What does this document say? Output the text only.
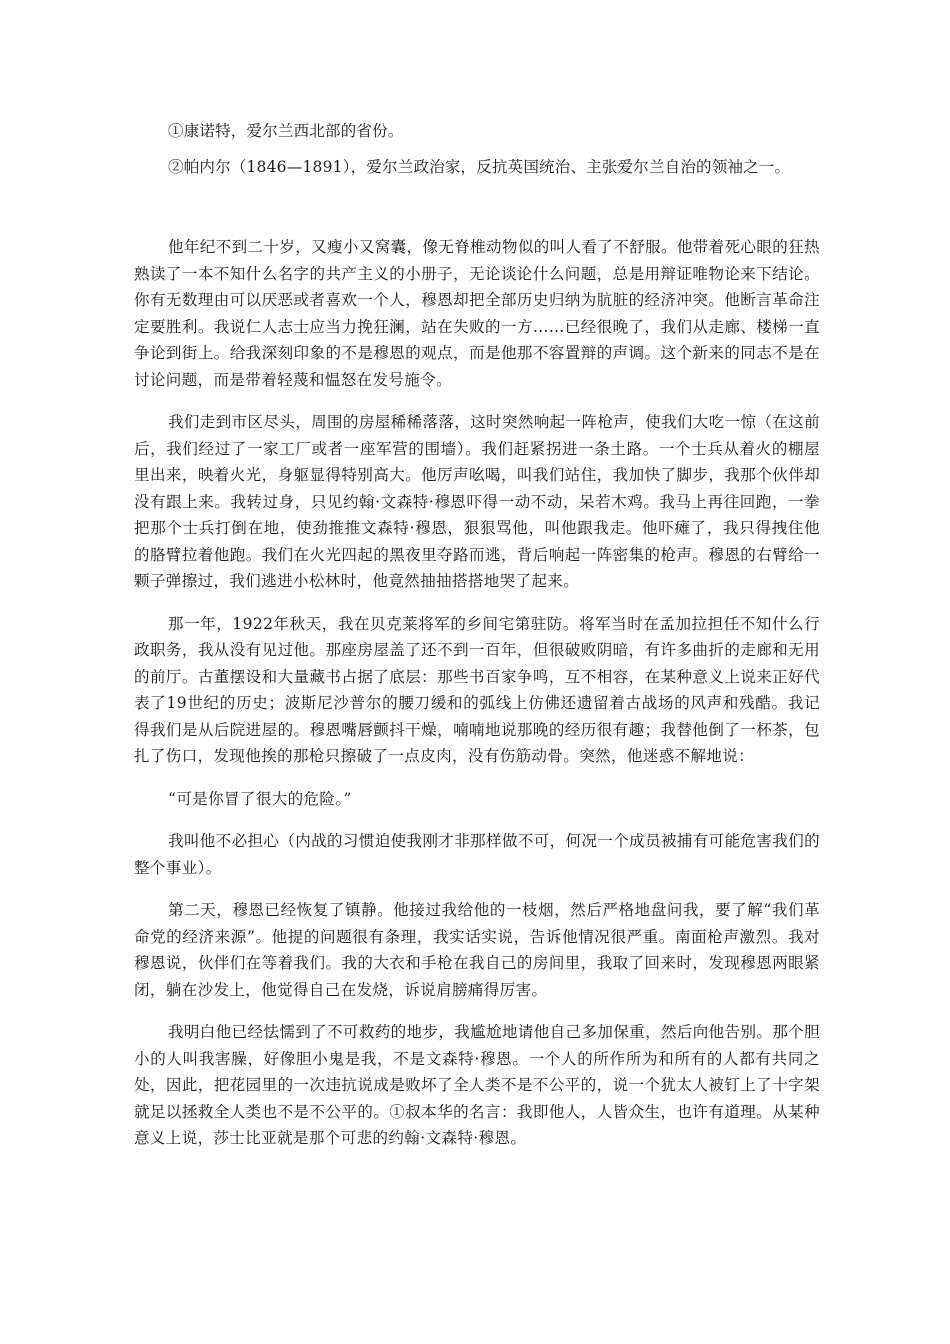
①康诺特，爱尔兰西北部的省份。

②帕内尔（1846—1891），爱尔兰政治家，反抗英国统治、主张爱尔兰自治的领袖之一。

他年纪不到二十岁，又瘦小又窝囊，像无脊椎动物似的叫人看了不舒服。他带着死心眼的狂热熟读了一本不知什么名字的共产主义的小册子，无论谈论什么问题，总是用辩证唯物论来下结论。你有无数理由可以厌恶或者喜欢一个人，穆恩却把全部历史归纳为肮脏的经济冲突。他断言革命注定要胜利。我说仁人志士应当力挽狂澜，站在失败的一方……已经很晚了，我们从走廊、楼梯一直争论到街上。给我深刻印象的不是穆恩的观点，而是他那不容置辩的声调。这个新来的同志不是在讨论问题，而是带着轻蔑和愠怒在发号施令。

我们走到市区尽头，周围的房屋稀稀落落，这时突然响起一阵枪声，使我们大吃一惊（在这前后，我们经过了一家工厂或者一座军营的围墙）。我们赶紧拐进一条土路。一个士兵从着火的棚屋里出来，映着火光，身躯显得特别高大。他厉声吆喝，叫我们站住，我加快了脚步，我那个伙伴却没有跟上来。我转过身，只见约翰·文森特·穆恩吓得一动不动，呆若木鸡。我马上再往回跑，一拳把那个士兵打倒在地，使劲推推文森特·穆恩，狠狠骂他，叫他跟我走。他吓瘫了，我只得拽住他的胳臂拉着他跑。我们在火光四起的黑夜里夺路而逃，背后响起一阵密集的枪声。穆恩的右臂给一颗子弹擦过，我们逃进小松林时，他竟然抽抽搭搭地哭了起来。

那一年，1922年秋天，我在贝克莱将军的乡间宅第驻防。将军当时在孟加拉担任不知什么行政职务，我从没有见过他。那座房屋盖了还不到一百年，但很破败阴暗，有许多曲折的走廊和无用的前厅。古董摆设和大量藏书占据了底层：那些书百家争鸣，互不相容，在某种意义上说来正好代表了19世纪的历史；波斯尼沙普尔的腰刀缓和的弧线上仿佛还遗留着古战场的风声和残酷。我记得我们是从后院进屋的。穆恩嘴唇颤抖干燥，喃喃地说那晚的经历很有趣；我替他倒了一杯茶，包扎了伤口，发现他挨的那枪只擦破了一点皮肉，没有伤筋动骨。突然，他迷惑不解地说：

“可是你冒了很大的危险。”

我叫他不必担心（内战的习惯迫使我刚才非那样做不可，何况一个成员被捕有可能危害我们的整个事业）。

第二天，穆恩已经恢复了镇静。他接过我给他的一枝烟，然后严格地盘问我，要了解“我们革命党的经济来源”。他提的问题很有条理，我实话实说，告诉他情况很严重。南面枪声激烈。我对穆恩说，伙伴们在等着我们。我的大衣和手枪在我自己的房间里，我取了回来时，发现穆恩两眼紧闭，躺在沙发上，他觉得自己在发烧，诉说肩膀痛得厉害。

我明白他已经怯懦到了不可救药的地步，我尴尬地请他自己多加保重，然后向他告别。那个胆小的人叫我害臊，好像胆小鬼是我，不是文森特·穆恩。一个人的所作所为和所有的人都有共同之处，因此，把花园里的一次违抗说成是败坏了全人类不是不公平的，说一个犹太人被钉上了十字架就足以拯救全人类也不是不公平的。①叔本华的名言：我即他人，人皆众生，也许有道理。从某种意义上说，莎士比亚就是那个可悲的约翰·文森特·穆恩。
